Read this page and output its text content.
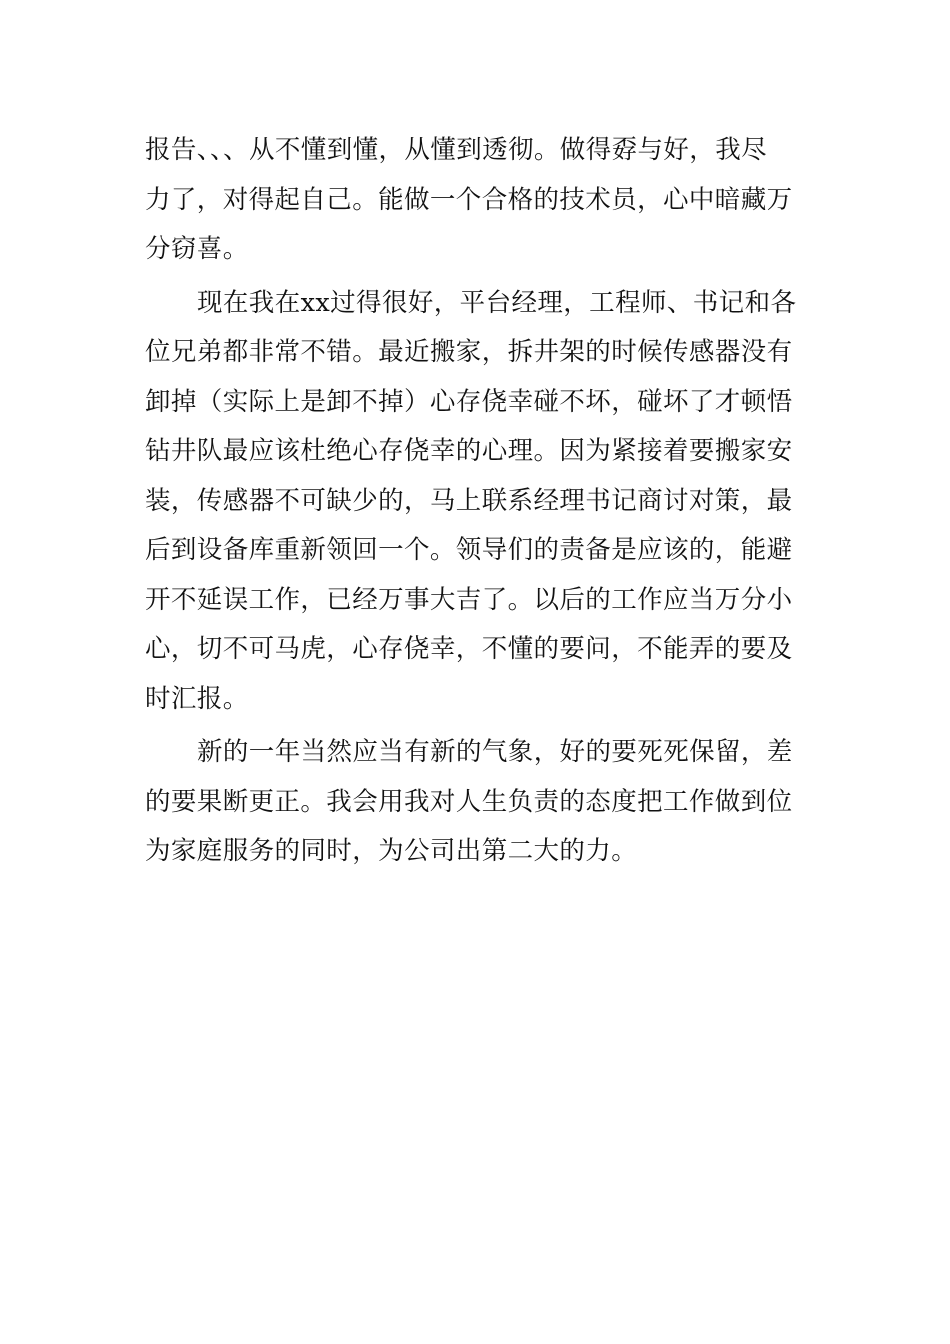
报告、、、从不懂到懂，从懂到透彻。做得孬与好，我尽
力了，对得起自己。能做一个合格的技术员，心中暗藏万
分窃喜。
现在我在xx过得很好，平台经理，工程师、书记和各
位兄弟都非常不错。最近搬家，拆井架的时候传感器没有
卸掉（实际上是卸不掉）心存侥幸碰不坏，碰坏了才顿悟
钻井队最应该杜绝心存侥幸的心理。因为紧接着要搬家安
装，传感器不可缺少的，马上联系经理书记商讨对策，最
后到设备库重新领回一个。领导们的责备是应该的，能避
开不延误工作，已经万事大吉了。以后的工作应当万分小
心，切不可马虎，心存侥幸，不懂的要问，不能弄的要及
时汇报。
新的一年当然应当有新的气象，好的要死死保留，差
的要果断更正。我会用我对人生负责的态度把工作做到位
为家庭服务的同时，为公司出第二大的力。
